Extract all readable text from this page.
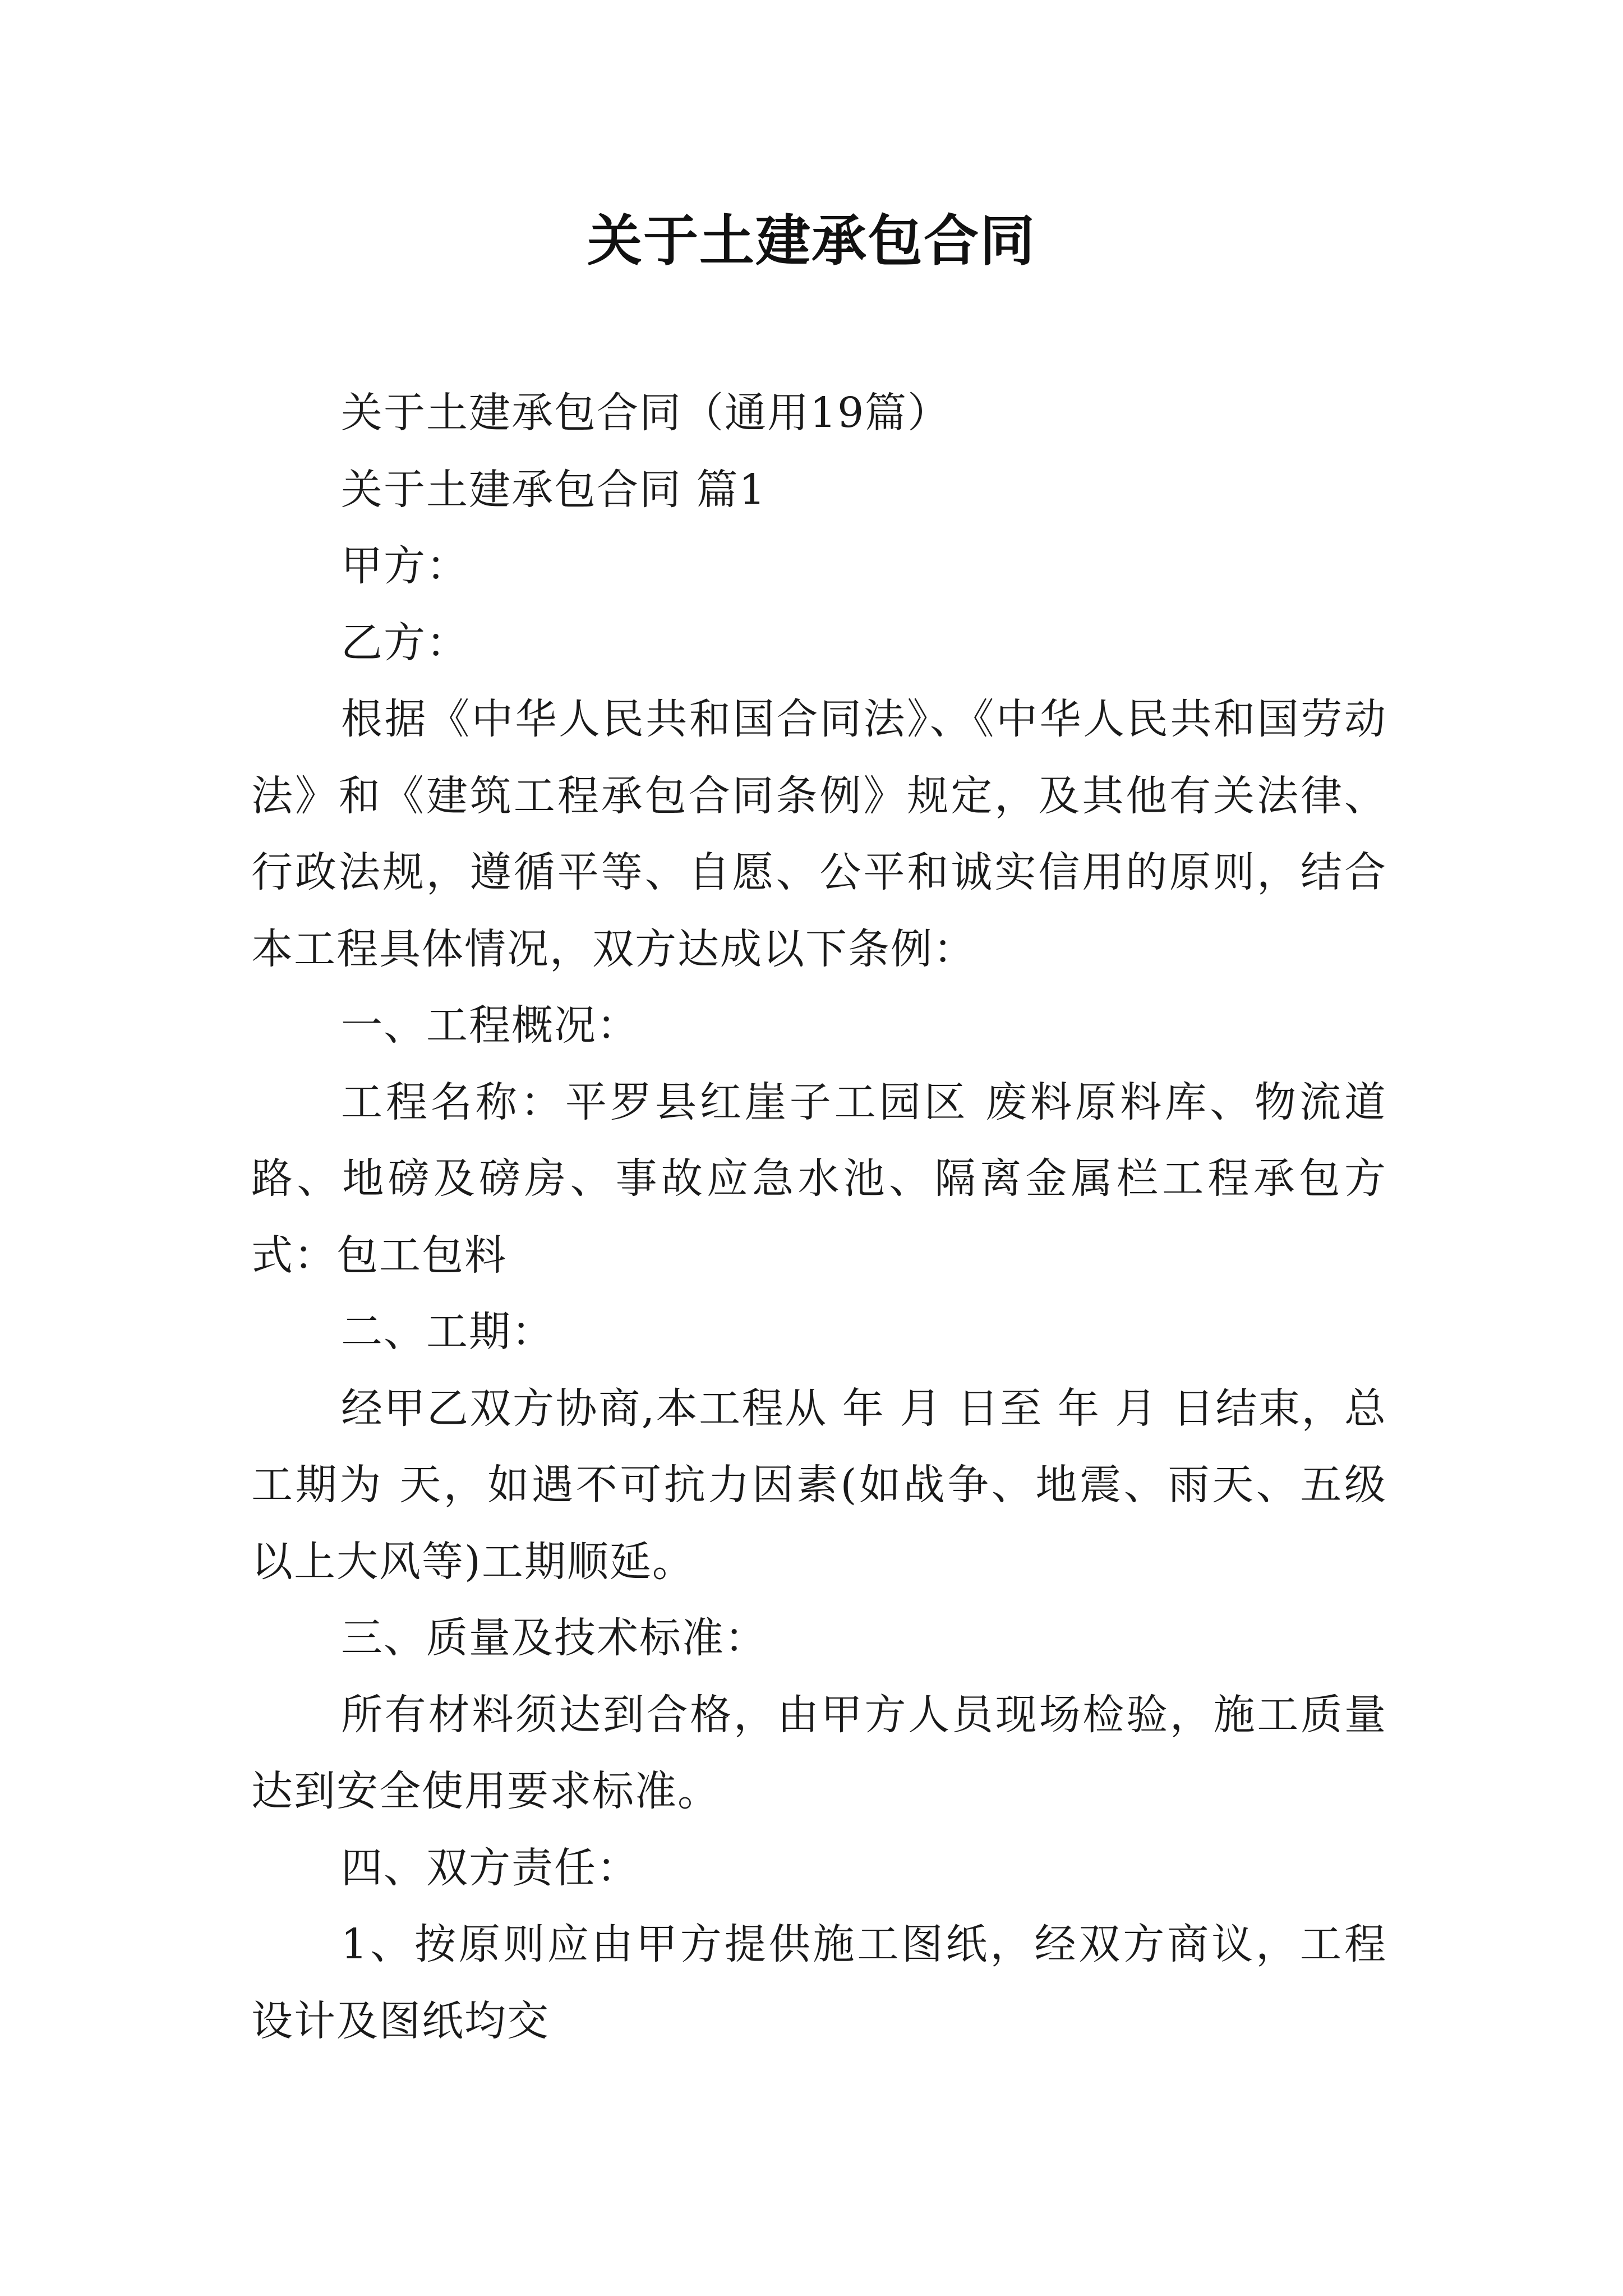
关于土建承包合同

关于土建承包合同（通用19篇）

关于土建承包合同 篇1

甲方：

乙方：

根据《中华人民共和国合同法》、《中华人民共和国劳动法》和《建筑工程承包合同条例》规定，及其他有关法律、行政法规，遵循平等、自愿、公平和诚实信用的原则，结合本工程具体情况，双方达成以下条例：

一、工程概况：

工程名称：平罗县红崖子工园区 废料原料库、物流道路、地磅及磅房、事故应急水池、隔离金属栏工程承包方式：包工包料

二、工期：

经甲乙双方协商,本工程从 年 月 日至 年 月 日结束，总工期为 天，如遇不可抗力因素(如战争、地震、雨天、五级以上大风等)工期顺延。

三、质量及技术标准：

所有材料须达到合格，由甲方人员现场检验，施工质量达到安全使用要求标准。

四、双方责任：

1、按原则应由甲方提供施工图纸，经双方商议，工程设计及图纸均交
